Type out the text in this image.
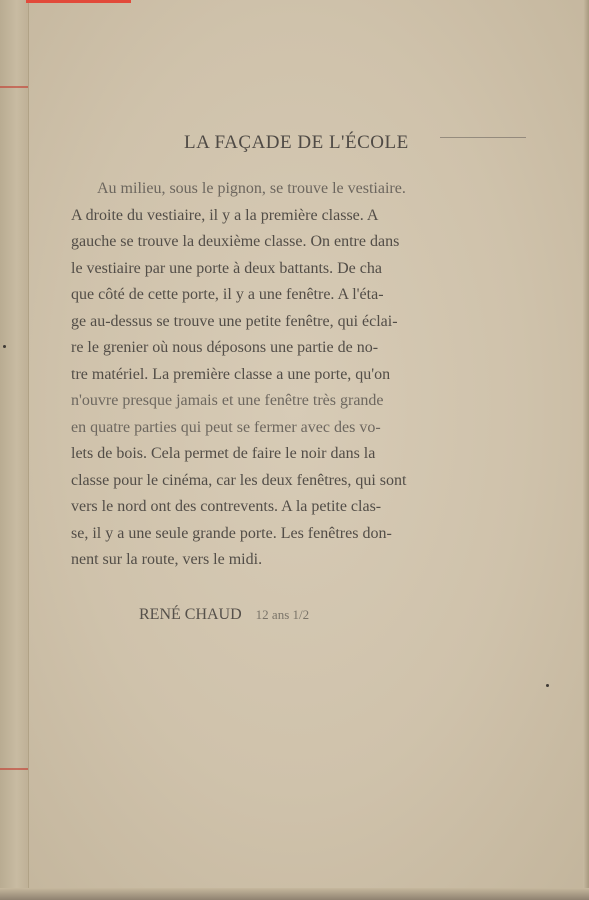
LA FAÇADE DE L'ÉCOLE
Au milieu, sous le pignon, se trouve le vestiaire.
A droite du vestiaire, il y a la première classe. A
gauche se trouve la deuxième classe. On entre dans
le vestiaire par une porte à deux battants. De cha
que côté de cette porte, il y a une fenêtre. A l'éta-
ge au-dessus se trouve une petite fenêtre, qui éclai-
re le grenier où nous déposons une partie de no-
tre matériel. La première classe a une porte, qu'on
n'ouvre presque jamais et une fenêtre très grande
en quatre parties qui peut se fermer avec des vo-
lets de bois. Cela permet de faire le noir dans la
classe pour le cinéma, car les deux fenêtres, qui sont
vers le nord ont des contrevents. A la petite clas-
se, il y a une seule grande porte. Les fenêtres don-
nent sur la route, vers le midi.
RENÉ CHAUD 12 ans 1/2
